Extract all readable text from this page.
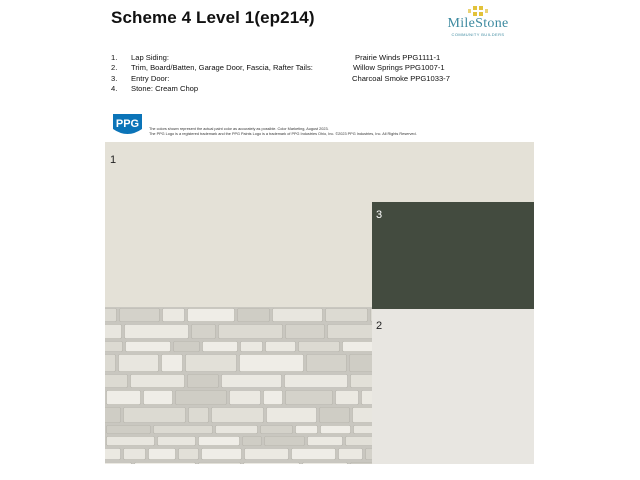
Scheme 4 Level 1(ep214)	MileStone
COMMUNITY BUILDERS
1. Lap Siding:	Prairie Winds PPG1111-1
2. Trim, Board/Batten, Garage Door, Fascia, Rafter Tails:	Willow Springs PPG1007-1
3. Entry Door:	Charcoal Smoke PPG1033-7
4. Stone: Cream Chop
PPG	The colors shown represent the actual paint color as accurately as possible. Color Marketing, August 2023.
The PPG Logo is a registered trademark and the PPG Paints Logo is a trademark of PPG Industries Ohio, Inc. ©2023 PPG Industries, Inc. All Rights Reserved.
1
3
2
